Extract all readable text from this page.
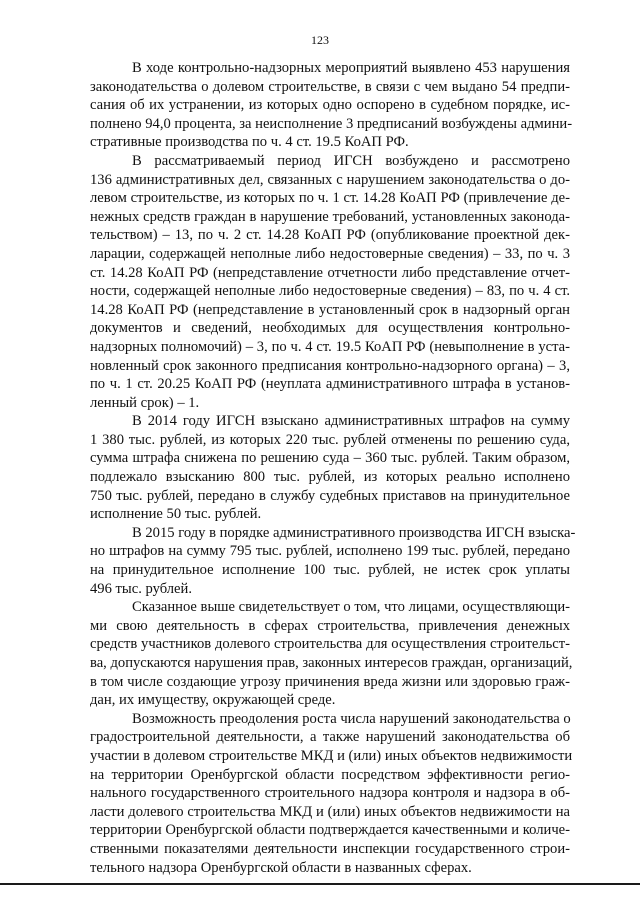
123

В ходе контрольно-надзорных мероприятий выявлено 453 нарушения
законодательства о долевом строительстве, в связи с чем выдано 54 предпи-
сания об их устранении, из которых одно оспорено в судебном порядке, ис-
полнено 94,0 процента, за неисполнение 3 предписаний возбуждены админи-
стративные производства по ч. 4 ст. 19.5 КоАП РФ.

В рассматриваемый период ИГСН возбуждено и рассмотрено
136 административных дел, связанных с нарушением законодательства о до-
левом строительстве, из которых по ч. 1 ст. 14.28 КоАП РФ (привлечение де-
нежных средств граждан в нарушение требований, установленных законода-
тельством) – 13, по ч. 2 ст. 14.28 КоАП РФ (опубликование проектной дек-
ларации, содержащей неполные либо недостоверные сведения) – 33, по ч. 3
ст. 14.28 КоАП РФ (непредставление отчетности либо представление отчет-
ности, содержащей неполные либо недостоверные сведения) – 83, по ч. 4 ст.
14.28 КоАП РФ (непредставление в установленный срок в надзорный орган
документов и сведений, необходимых для осуществления контрольно-
надзорных полномочий) – 3, по ч. 4 ст. 19.5 КоАП РФ (невыполнение в уста-
новленный срок законного предписания контрольно-надзорного органа) – 3,
по ч. 1 ст. 20.25 КоАП РФ (неуплата административного штрафа в установ-
ленный срок) – 1.

В 2014 году ИГСН взыскано административных штрафов на сумму
1 380 тыс. рублей, из которых 220 тыс. рублей отменены по решению суда,
сумма штрафа снижена по решению суда – 360 тыс. рублей. Таким образом,
подлежало взысканию 800 тыс. рублей, из которых реально исполнено
750 тыс. рублей, передано в службу судебных приставов на принудительное
исполнение 50 тыс. рублей.

В 2015 году в порядке административного производства ИГСН взыска-
но штрафов на сумму 795 тыс. рублей, исполнено 199 тыс. рублей, передано
на принудительное исполнение 100 тыс. рублей, не истек срок уплаты
496 тыс. рублей.

Сказанное выше свидетельствует о том, что лицами, осуществляющи-
ми свою деятельность в сферах строительства, привлечения денежных
средств участников долевого строительства для осуществления строительст-
ва, допускаются нарушения прав, законных интересов граждан, организаций,
в том числе создающие угрозу причинения вреда жизни или здоровью граж-
дан, их имуществу, окружающей среде.

Возможность преодоления роста числа нарушений законодательства о
градостроительной деятельности, а также нарушений законодательства об
участии в долевом строительстве МКД и (или) иных объектов недвижимости
на территории Оренбургской области посредством эффективности регио-
нального государственного строительного надзора контроля и надзора в об-
ласти долевого строительства МКД и (или) иных объектов недвижимости на
территории Оренбургской области подтверждается качественными и количе-
ственными показателями деятельности инспекции государственного строи-
тельного надзора Оренбургской области в названных сферах.
